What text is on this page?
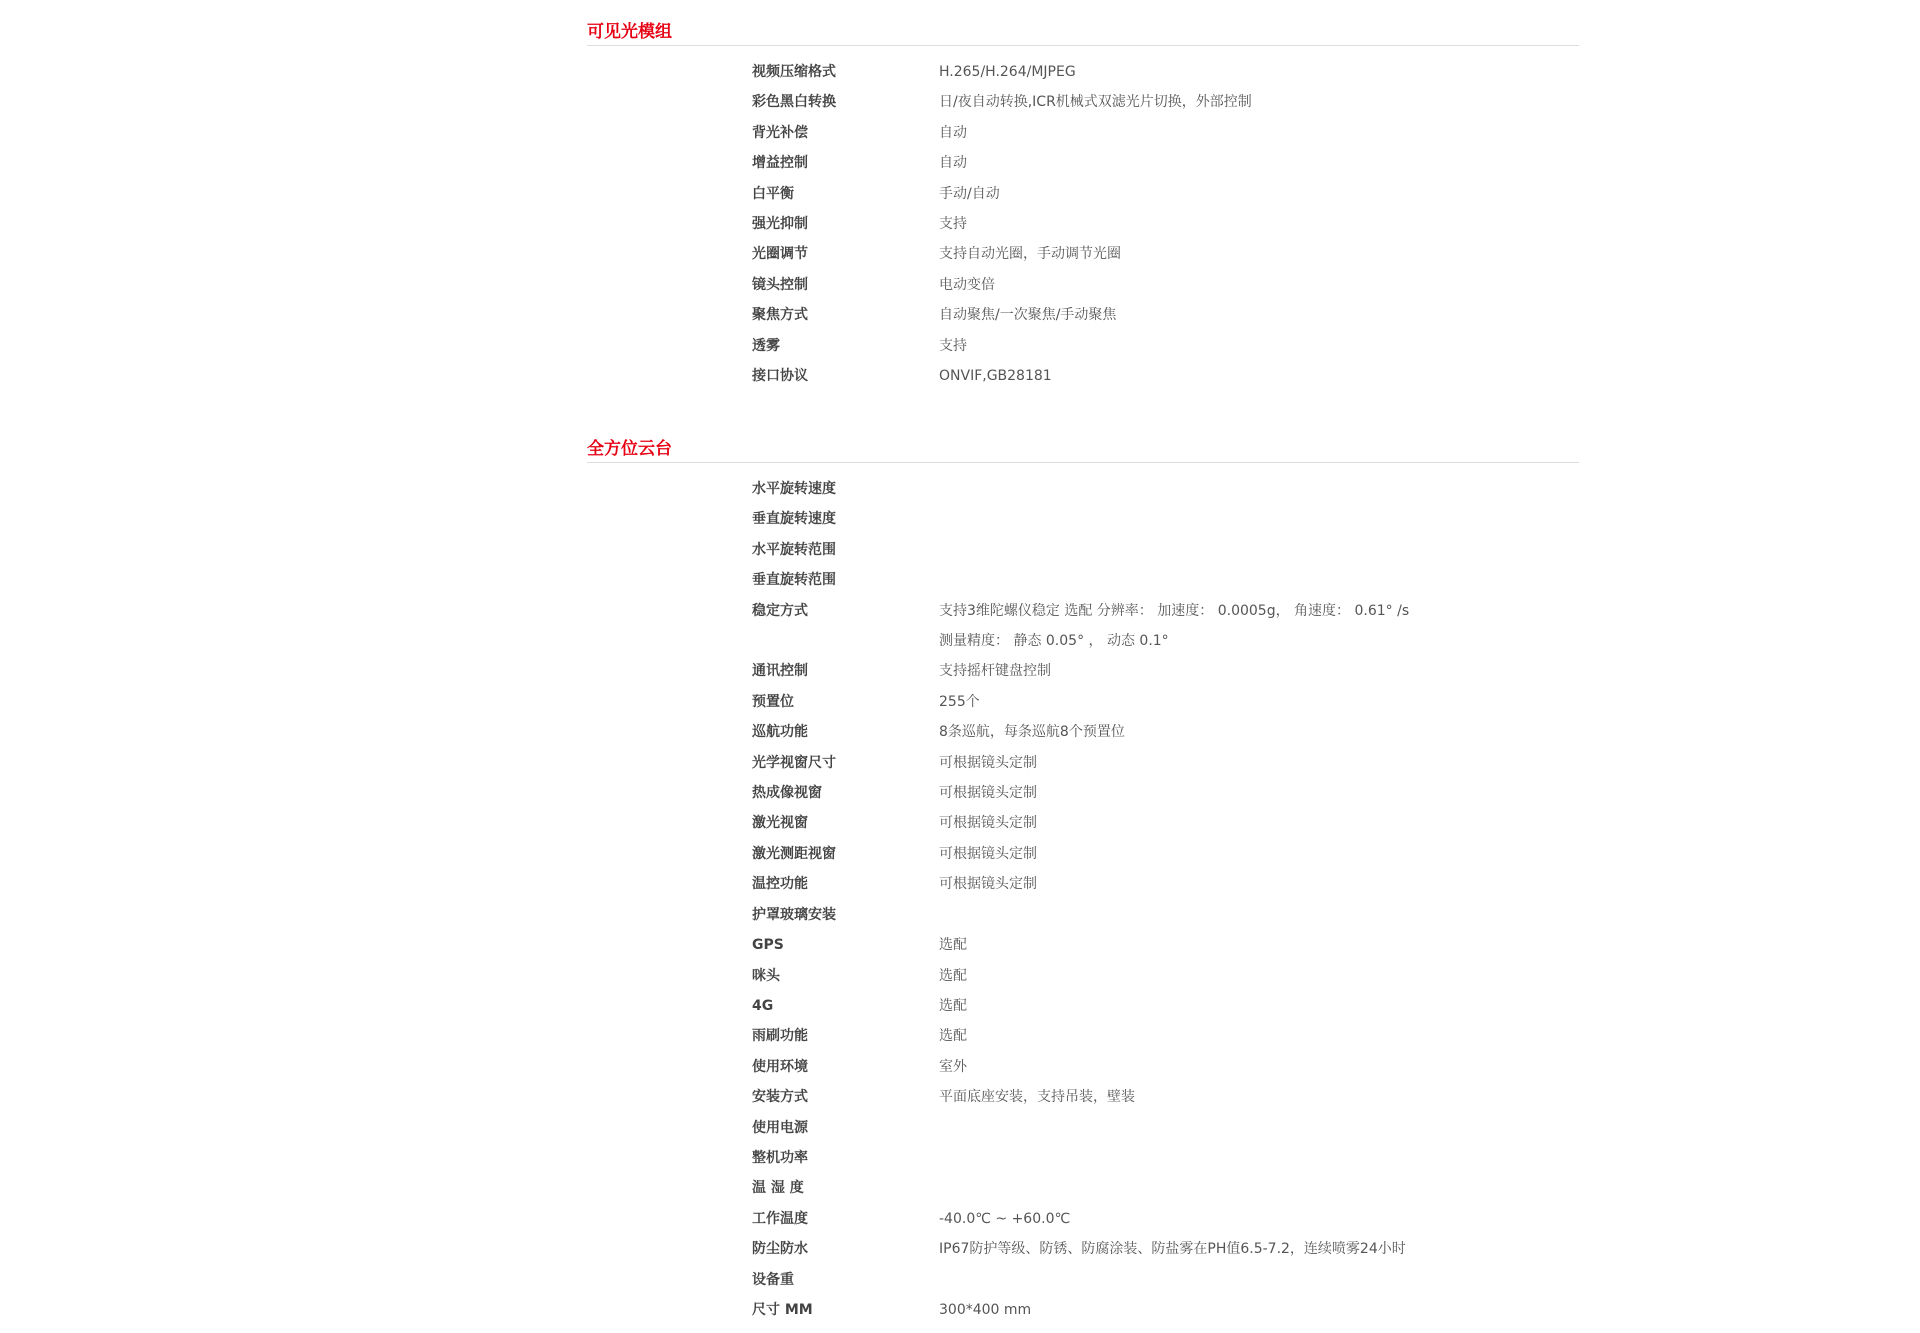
可见光模组
视频压缩格式	H.265/H.264/MJPEG
彩色黑白转换	日/夜自动转换,ICR机械式双滤光片切换，外部控制
背光补偿	自动
增益控制	自动
白平衡	手动/自动
强光抑制	支持
光圈调节	支持自动光圈，手动调节光圈
镜头控制	电动变倍
聚焦方式	自动聚焦/一次聚焦/手动聚焦
透雾	支持
接口协议	ONVIF,GB28181
全方位云台
水平旋转速度	
垂直旋转速度	
水平旋转范围	
垂直旋转范围	
稳定方式	支持3维陀螺仪稳定 选配 分辨率： 加速度： 0.0005g， 角速度： 0.61° /s
	测量精度： 静态 0.05° ， 动态 0.1°
通讯控制	支持摇杆键盘控制
预置位	255个
巡航功能	8条巡航，每条巡航8个预置位
光学视窗尺寸	可根据镜头定制
热成像视窗	可根据镜头定制
激光视窗	可根据镜头定制
激光测距视窗	可根据镜头定制
温控功能	可根据镜头定制
护罩玻璃安装	
GPS	选配
咪头	选配
4G	选配
雨刷功能	选配
使用环境	室外
安装方式	平面底座安装，支持吊装，壁装
使用电源	
整机功率	
温 湿 度	
工作温度	-40.0℃ ~ +60.0℃
防尘防水	IP67防护等级、防锈、防腐涂装、防盐雾在PH值6.5-7.2，连续喷雾24小时
设备重	
尺寸 MM	300*400 mm
